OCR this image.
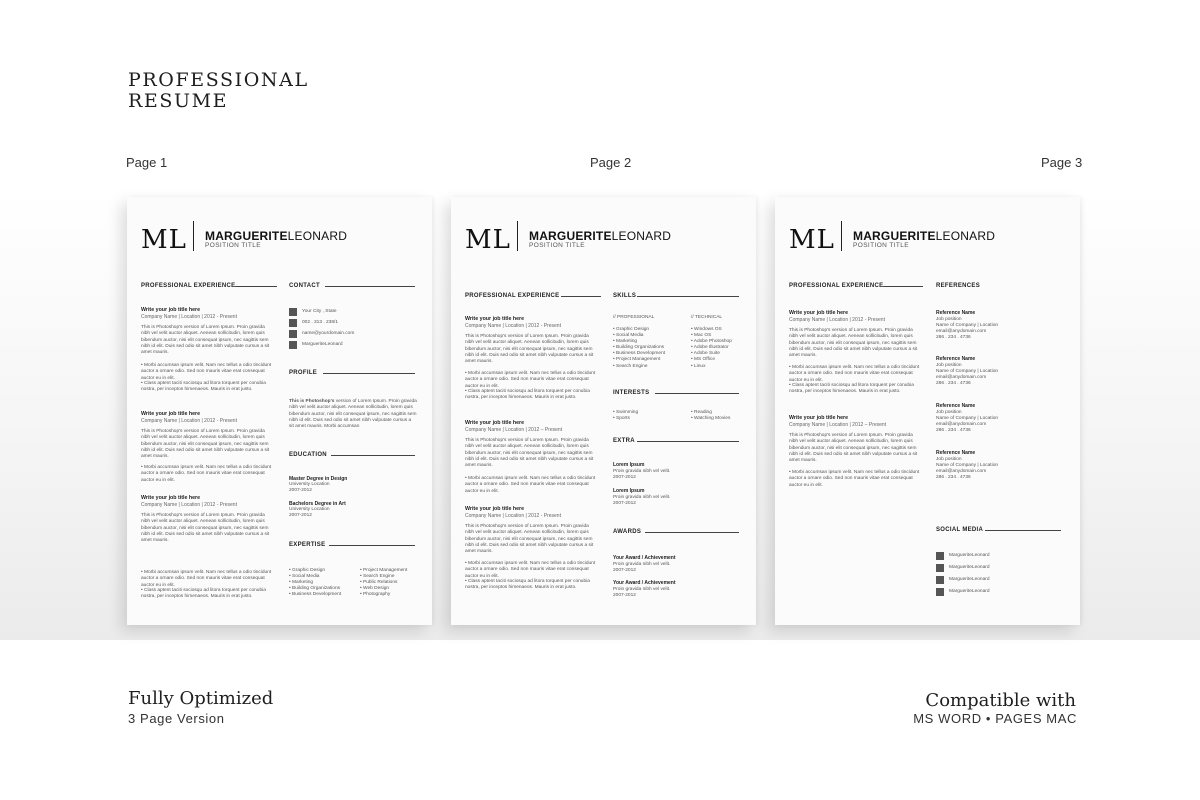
PROFESSIONAL
RESUME
Page 1	Page 2	Page 3
ML MARGUERITELEONARD
POSITION TITLE
PROFESSIONAL EXPERIENCE	CONTACT
Write your job title here
Company Name | Location | 2012 - Present
This is Photoshop's version of Lorem Ipsum. Proin gravida nibh vel velit auctor aliquet. Aenean sollicitudin, lorem quis bibendum auctor, nisi elit consequat ipsum, nec sagittis sem nibh id elit. Duis sed odio sit amet nibh vulputate cursus a sit amet mauris.
• Morbi accumsan ipsum velit. Nam nec tellus a odio tincidunt auctor a ornare odio. Sed non mauris vitae erat consequat auctor eu in elit.
• Class aptent taciti sociosqu ad litora torquent per conubia nostra, per inceptos himenaeos. Mauris in erat justo.
Write your job title here
Company Name | Location | 2012 - Present
This is Photoshop's version of Lorem Ipsum. Proin gravida nibh vel velit auctor aliquet. Aenean sollicitudin, lorem quis bibendum auctor, nisi elit consequat ipsum, nec sagittis sem nibh id elit. Duis sed odio sit amet nibh vulputate cursus a sit amet mauris.
• Morbi accumsan ipsum velit. Nam nec tellus a odio tincidunt auctor a ornare odio. Sed non mauris vitae erat consequat auctor eu in elit.
Write your job title here
Company Name | Location | 2012 - Present
This is Photoshop's version of Lorem Ipsum. Proin gravida nibh vel velit auctor aliquet. Aenean sollicitudin, lorem quis bibendum auctor, nisi elit consequat ipsum, nec sagittis sem nibh id elit. Duis sed odio sit amet nibh vulputate cursus a sit amet mauris.
• Morbi accumsan ipsum velit. Nam nec tellus a odio tincidunt auctor a ornare odio. Sed non mauris vitae erat consequat auctor eu in elit.
• Class aptent taciti sociosqu ad litora torquent per conubia nostra, per inceptos himenaeos. Mauris in erat justo.
Your City , State
002 . 313 . 238/1
name@yourdomain.com
MargueriteLeonard
PROFILE
This is Photoshop's version of Lorem Ipsum. Proin gravida nibh vel velit auctor aliquet. Aenean sollicitudin, lorem quis bibendum auctor, nisi elit consequat ipsum, nec sagittis sem nibh id elit. Duis sed odio sit amet nibh vulputate cursus a sit amet mauris. Morbi accumsan
EDUCATION
Master Degree in Design
University Location
2007-2012
Bachelors Degree in Art
University Location
2007-2012
EXPERTISE
• Graphic Design
• Social Media
• Marketing
• Building Organizations
• Business Development
• Project Management
• Search Engine
• Public Relations
• Web Design
• Photography
ML MARGUERITELEONARD
POSITION TITLE
PROFESSIONAL EXPERIENCE	SKILLS
Write your job title here
Company Name | Location | 2012 - Present
This is Photoshop's version of Lorem Ipsum. Proin gravida nibh vel velit auctor aliquet. Aenean sollicitudin, lorem quis bibendum auctor, nisi elit consequat ipsum, nec sagittis sem nibh id elit. Duis sed odio sit amet nibh vulputate cursus a sit amet mauris.
• Morbi accumsan ipsum velit. Nam nec tellus a odio tincidunt auctor a ornare odio. Sed non mauris vitae erat consequat auctor eu in elit.
• Class aptent taciti sociosqu ad litora torquent per conubia nostra, per inceptos himenaeos. Mauris in erat justo.
Write your job title here
Company Name | Location | 2012 – Present
This is Photoshop's version of Lorem Ipsum. Proin gravida nibh vel velit auctor aliquet. Aenean sollicitudin, lorem quis bibendum auctor, nisi elit consequat ipsum, nec sagittis sem nibh id elit. Duis sed odio sit amet nibh vulputate cursus a sit amet mauris.
• Morbi accumsan ipsum velit. Nam nec tellus a odio tincidunt auctor a ornare odio. Sed non mauris vitae erat consequat auctor eu in elit.
Write your job title here
Company Name | Location | 2012 - Present
This is Photoshop's version of Lorem Ipsum. Proin gravida nibh vel velit auctor aliquet. Aenean sollicitudin, lorem quis bibendum auctor, nisi elit consequat ipsum, nec sagittis sem nibh id elit. Duis sed odio sit amet nibh vulputate cursus a sit amet mauris.
• Morbi accumsan ipsum velit. Nam nec tellus a odio tincidunt auctor a ornare odio. Sed non mauris vitae erat consequat auctor eu in elit.
• Class aptent taciti sociosqu ad litora torquent per conubia nostra, per inceptos himenaeos. Mauris in erat justo.
// PROFESSIONAL	// TECHNICAL
• Graphic Design
• Social Media
• Marketing
• Building Organizations
• Business Development
• Project Management
• Search Engine
• Windows OS
• Mac OS
• Adobe Photoshop
• Adobe Illustrator
• Adobe Suite
• MS Office
• Linux
INTERESTS
• Swimming
• Sports
• Reading
• Watching Movies
EXTRA
Lorem Ipsum
Proin gravida nibh vel velit.
2007-2012
Lorem Ipsum
Proin gravida nibh vel velit.
2007-2012
AWARDS
Your Award / Achievement
Proin gravida nibh vel velit.
2007-2012
Your Award / Achievement
Proin gravida nibh vel velit.
2007-2012
ML MARGUERITELEONARD
POSITION TITLE
PROFESSIONAL EXPERIENCE	REFERENCES
Write your job title here
Company Name | Location | 2012 - Present
This is Photoshop's version of Lorem Ipsum. Proin gravida nibh vel velit auctor aliquet. Aenean sollicitudin, lorem quis bibendum auctor, nisi elit consequat ipsum, nec sagittis sem nibh id elit. Duis sed odio sit amet nibh vulputate cursus a sit amet mauris.
• Morbi accumsan ipsum velit. Nam nec tellus a odio tincidunt auctor a ornare odio. Sed non mauris vitae erat consequat auctor eu in elit.
• Class aptent taciti sociosqu ad litora torquent per conubia nostra, per inceptos himenaeos. Mauris in erat justo.
Write your job title here
Company Name | Location | 2012 – Present
This is Photoshop's version of Lorem Ipsum. Proin gravida nibh vel velit auctor aliquet. Aenean sollicitudin, lorem quis bibendum auctor, nisi elit consequat ipsum, nec sagittis sem nibh id elit. Duis sed odio sit amet nibh vulputate cursus a sit amet mauris.
• Morbi accumsan ipsum velit. Nam nec tellus a odio tincidunt auctor a ornare odio. Sed non mauris vitae erat consequat auctor eu in elit.
Reference Name
Job position
Name of Company | Location
email@anydomain.com
286 . 234 . 4736
Reference Name
Job position
Name of Company | Location
email@anydomain.com
286 . 234 . 4736
Reference Name
Job position
Name of Company | Location
email@anydomain.com
286 . 234 . 4736
Reference Name
Job position
Name of Company | Location
email@anydomain.com
286 . 234 . 4736
SOCIAL MEDIA
MargueriteLeonard
MargueriteLeonard
MargueriteLeonard
MargueriteLeonard
Fully Optimized
3 Page Version
Compatible with
MS WORD • PAGES MAC
